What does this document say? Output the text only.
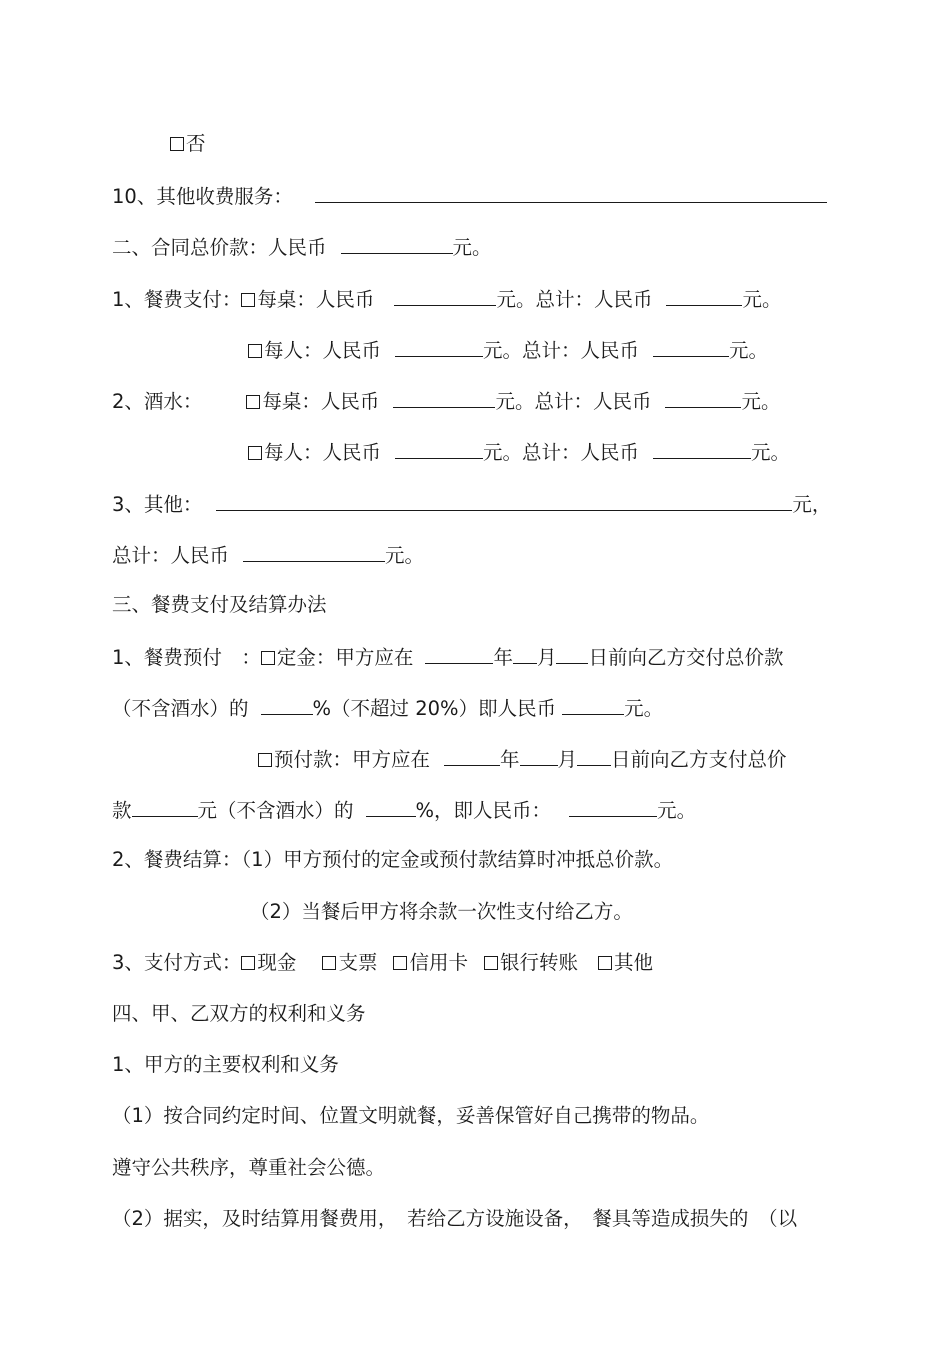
否
10、其他收费服务：
二、合同总价款：人民币	元。
1、餐费支付： 每桌：人民币	元。总计：人民币	元。
每人：人民币	元。总计：人民币	元。
2、酒水：	每桌：人民币	元。总计：人民币	元。
每人：人民币	元。总计：人民币	元。
3、其他：	元，
总计：人民币	元。
三、餐费支付及结算办法
1、餐费预付　： 定金：甲方应在	年 月 日前向乙方交付总价款
（不含酒水）的	%（不超过 20%）即人民币	元。
预付款：甲方应在	年 月 日前向乙方支付总价
款	元（不含酒水）的	%，即人民币：	元。
2、餐费结算：（1）甲方预付的定金或预付款结算时冲抵总价款。
（2）当餐后甲方将余款一次性支付给乙方。
3、支付方式： 现金 支票 信用卡 银行转账 其他
四、甲、乙双方的权利和义务
1、甲方的主要权利和义务
（1）按合同约定时间、位置文明就餐，妥善保管好自己携带的物品。
遵守公共秩序，尊重社会公德。
（2）据实，及时结算用餐费用，　若给乙方设施设备，　餐具等造成损失的　（以
